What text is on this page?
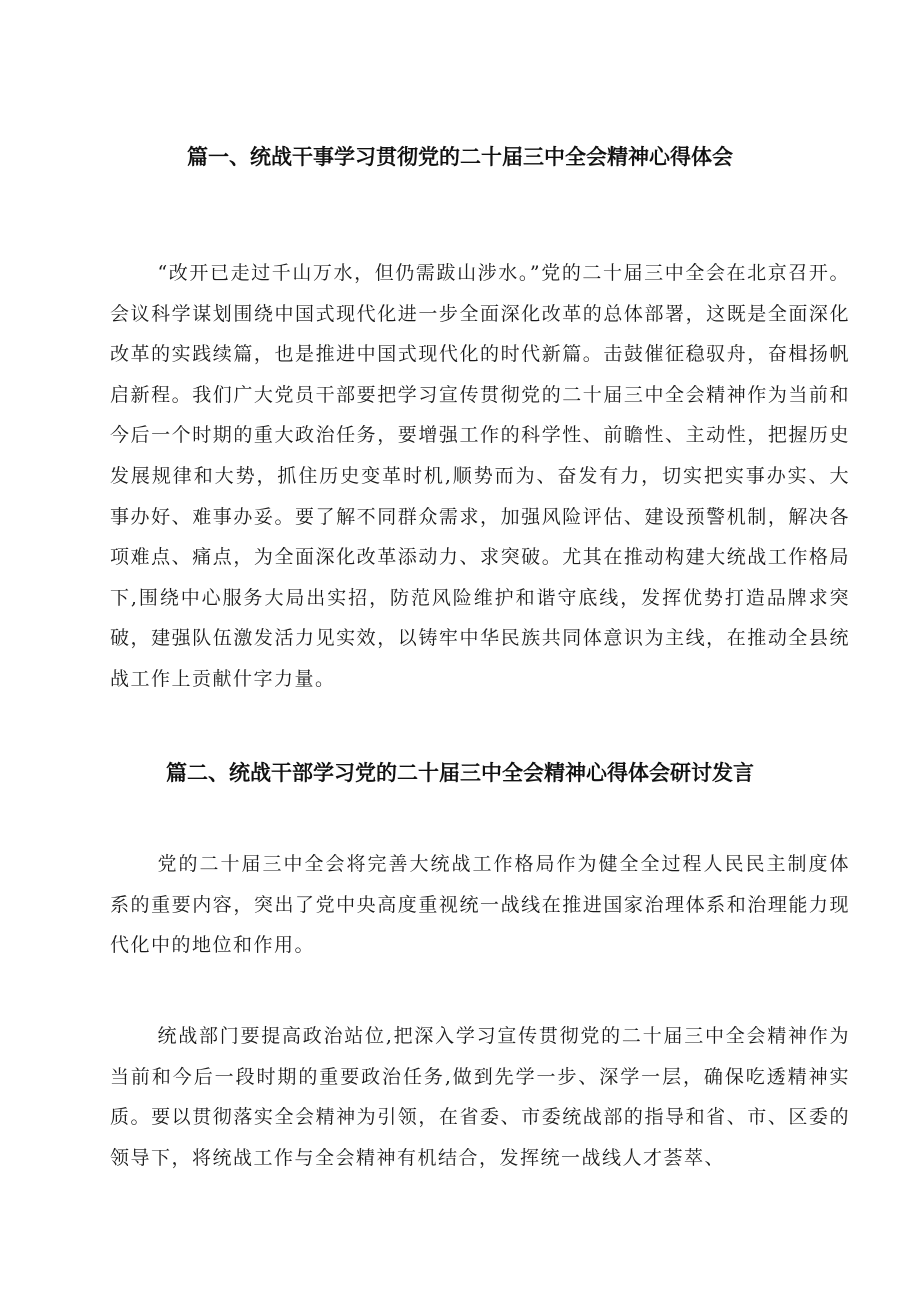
篇一、统战干事学习贯彻党的二十届三中全会精神心得体会

“改开已走过千山万水，但仍需跋山涉水。”党的二十届三中全会在北京召开。会议科学谋划围绕中国式现代化进一步全面深化改革的总体部署，这既是全面深化改革的实践续篇，也是推进中国式现代化的时代新篇。击鼓催征稳驭舟，奋楫扬帆启新程。我们广大党员干部要把学习宣传贯彻党的二十届三中全会精神作为当前和今后一个时期的重大政治任务，要增强工作的科学性、前瞻性、主动性，把握历史发展规律和大势，抓住历史变革时机,顺势而为、奋发有力，切实把实事办实、大事办好、难事办妥。要了解不同群众需求，加强风险评估、建设预警机制，解决各项难点、痛点，为全面深化改革添动力、求突破。尤其在推动构建大统战工作格局下,围绕中心服务大局出实招，防范风险维护和谐守底线，发挥优势打造品牌求突破，建强队伍激发活力见实效，以铸牢中华民族共同体意识为主线，在推动全县统战工作上贡献什字力量。

篇二、统战干部学习党的二十届三中全会精神心得体会研讨发言

党的二十届三中全会将完善大统战工作格局作为健全全过程人民民主制度体系的重要内容，突出了党中央高度重视统一战线在推进国家治理体系和治理能力现代化中的地位和作用。

统战部门要提高政治站位,把深入学习宣传贯彻党的二十届三中全会精神作为当前和今后一段时期的重要政治任务,做到先学一步、深学一层，确保吃透精神实质。要以贯彻落实全会精神为引领，在省委、市委统战部的指导和省、市、区委的领导下，将统战工作与全会精神有机结合，发挥统一战线人才荟萃、
